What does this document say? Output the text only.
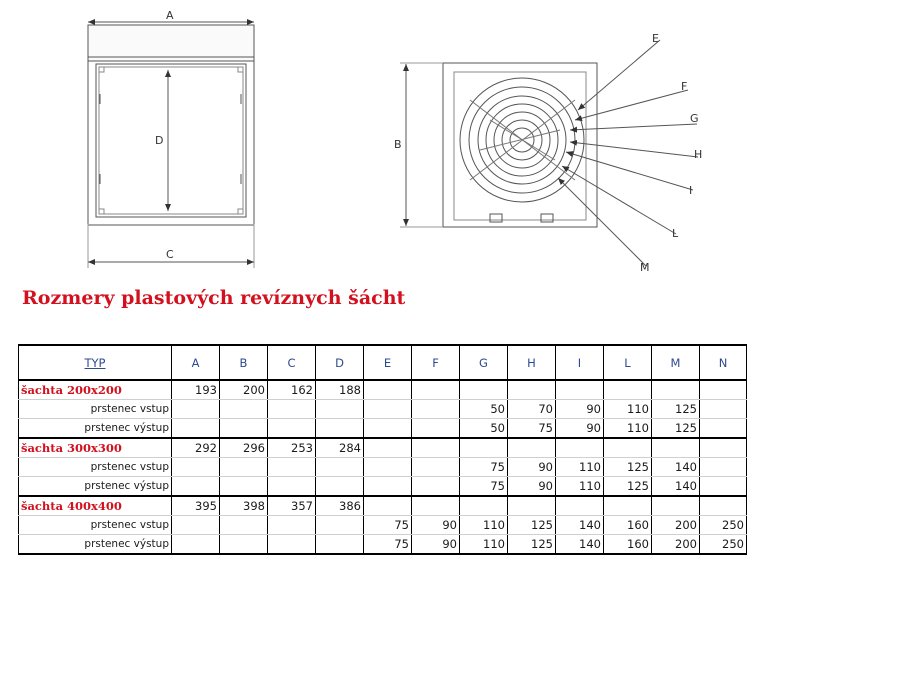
A
C
D	B
E
F
G
H
I
L
M
Rozmery plastových revíznych šácht
TYP	A	B	C	D	E	F	G	H	I	L	M	N
šachta 200x200	193	200	162	188								
prstenec vstup							50	70	90	110	125	
prstenec výstup							50	75	90	110	125	
šachta 300x300	292	296	253	284								
prstenec vstup							75	90	110	125	140	
prstenec výstup							75	90	110	125	140	
šachta 400x400	395	398	357	386								
prstenec vstup					75	90	110	125	140	160	200	250
prstenec výstup					75	90	110	125	140	160	200	250
